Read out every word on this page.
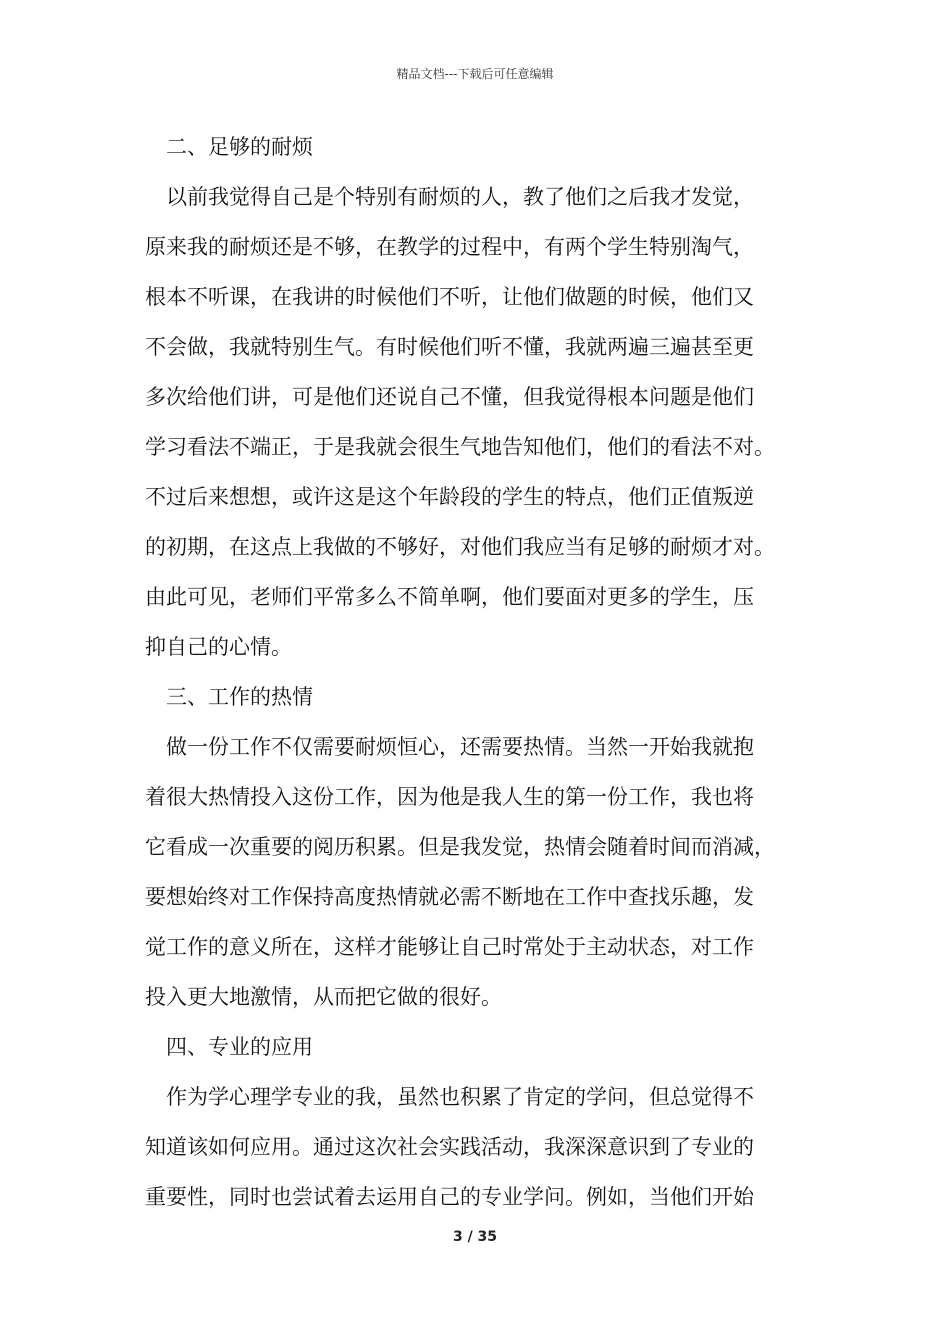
精品文档---下载后可任意编辑
二、足够的耐烦
以前我觉得自己是个特别有耐烦的人，教了他们之后我才发觉，
原来我的耐烦还是不够，在教学的过程中，有两个学生特别淘气，
根本不听课，在我讲的时候他们不听，让他们做题的时候，他们又
不会做，我就特别生气。有时候他们听不懂，我就两遍三遍甚至更
多次给他们讲，可是他们还说自己不懂，但我觉得根本问题是他们
学习看法不端正，于是我就会很生气地告知他们，他们的看法不对。
不过后来想想，或许这是这个年龄段的学生的特点，他们正值叛逆
的初期，在这点上我做的不够好，对他们我应当有足够的耐烦才对。
由此可见，老师们平常多么不简单啊，他们要面对更多的学生，压
抑自己的心情。
三、工作的热情
做一份工作不仅需要耐烦恒心，还需要热情。当然一开始我就抱
着很大热情投入这份工作，因为他是我人生的第一份工作，我也将
它看成一次重要的阅历积累。但是我发觉，热情会随着时间而消减，
要想始终对工作保持高度热情就必需不断地在工作中查找乐趣，发
觉工作的意义所在，这样才能够让自己时常处于主动状态，对工作
投入更大地激情，从而把它做的很好。
四、专业的应用
作为学心理学专业的我，虽然也积累了肯定的学问，但总觉得不
知道该如何应用。通过这次社会实践活动，我深深意识到了专业的
重要性，同时也尝试着去运用自己的专业学问。例如，当他们开始
3 / 35
